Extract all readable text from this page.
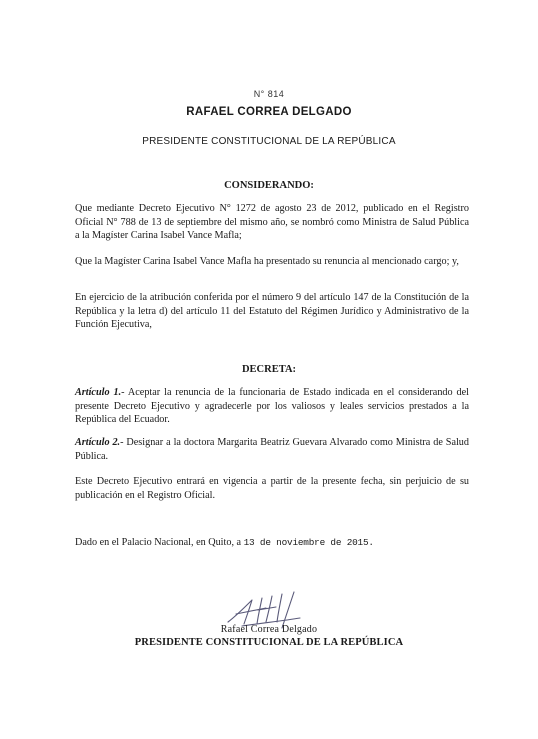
N° 814
RAFAEL CORREA DELGADO
PRESIDENTE CONSTITUCIONAL DE LA REPÚBLICA
CONSIDERANDO:
Que mediante Decreto Ejecutivo N° 1272 de agosto 23 de 2012, publicado en el Registro Oficial N° 788 de 13 de septiembre del mismo año, se nombró como Ministra de Salud Pública a la Magíster Carina Isabel Vance Mafla;
Que la Magíster Carina Isabel Vance Mafla ha presentado su renuncia al mencionado cargo; y,
En ejercicio de la atribución conferida por el número 9 del artículo 147 de la Constitución de la República y la letra d) del artículo 11 del Estatuto del Régimen Jurídico y Administrativo de la Función Ejecutiva,
DECRETA:
Artículo 1.- Aceptar la renuncia de la funcionaria de Estado indicada en el considerando del presente Decreto Ejecutivo y agradecerle por los valiosos y leales servicios prestados a la República del Ecuador.
Artículo 2.- Designar a la doctora Margarita Beatriz Guevara Alvarado como Ministra de Salud Pública.
Este Decreto Ejecutivo entrará en vigencia a partir de la presente fecha, sin perjuicio de su publicación en el Registro Oficial.
Dado en el Palacio Nacional, en Quito, a 13 de noviembre de 2015.
Rafael Correa Delgado
PRESIDENTE CONSTITUCIONAL DE LA REPÚBLICA
